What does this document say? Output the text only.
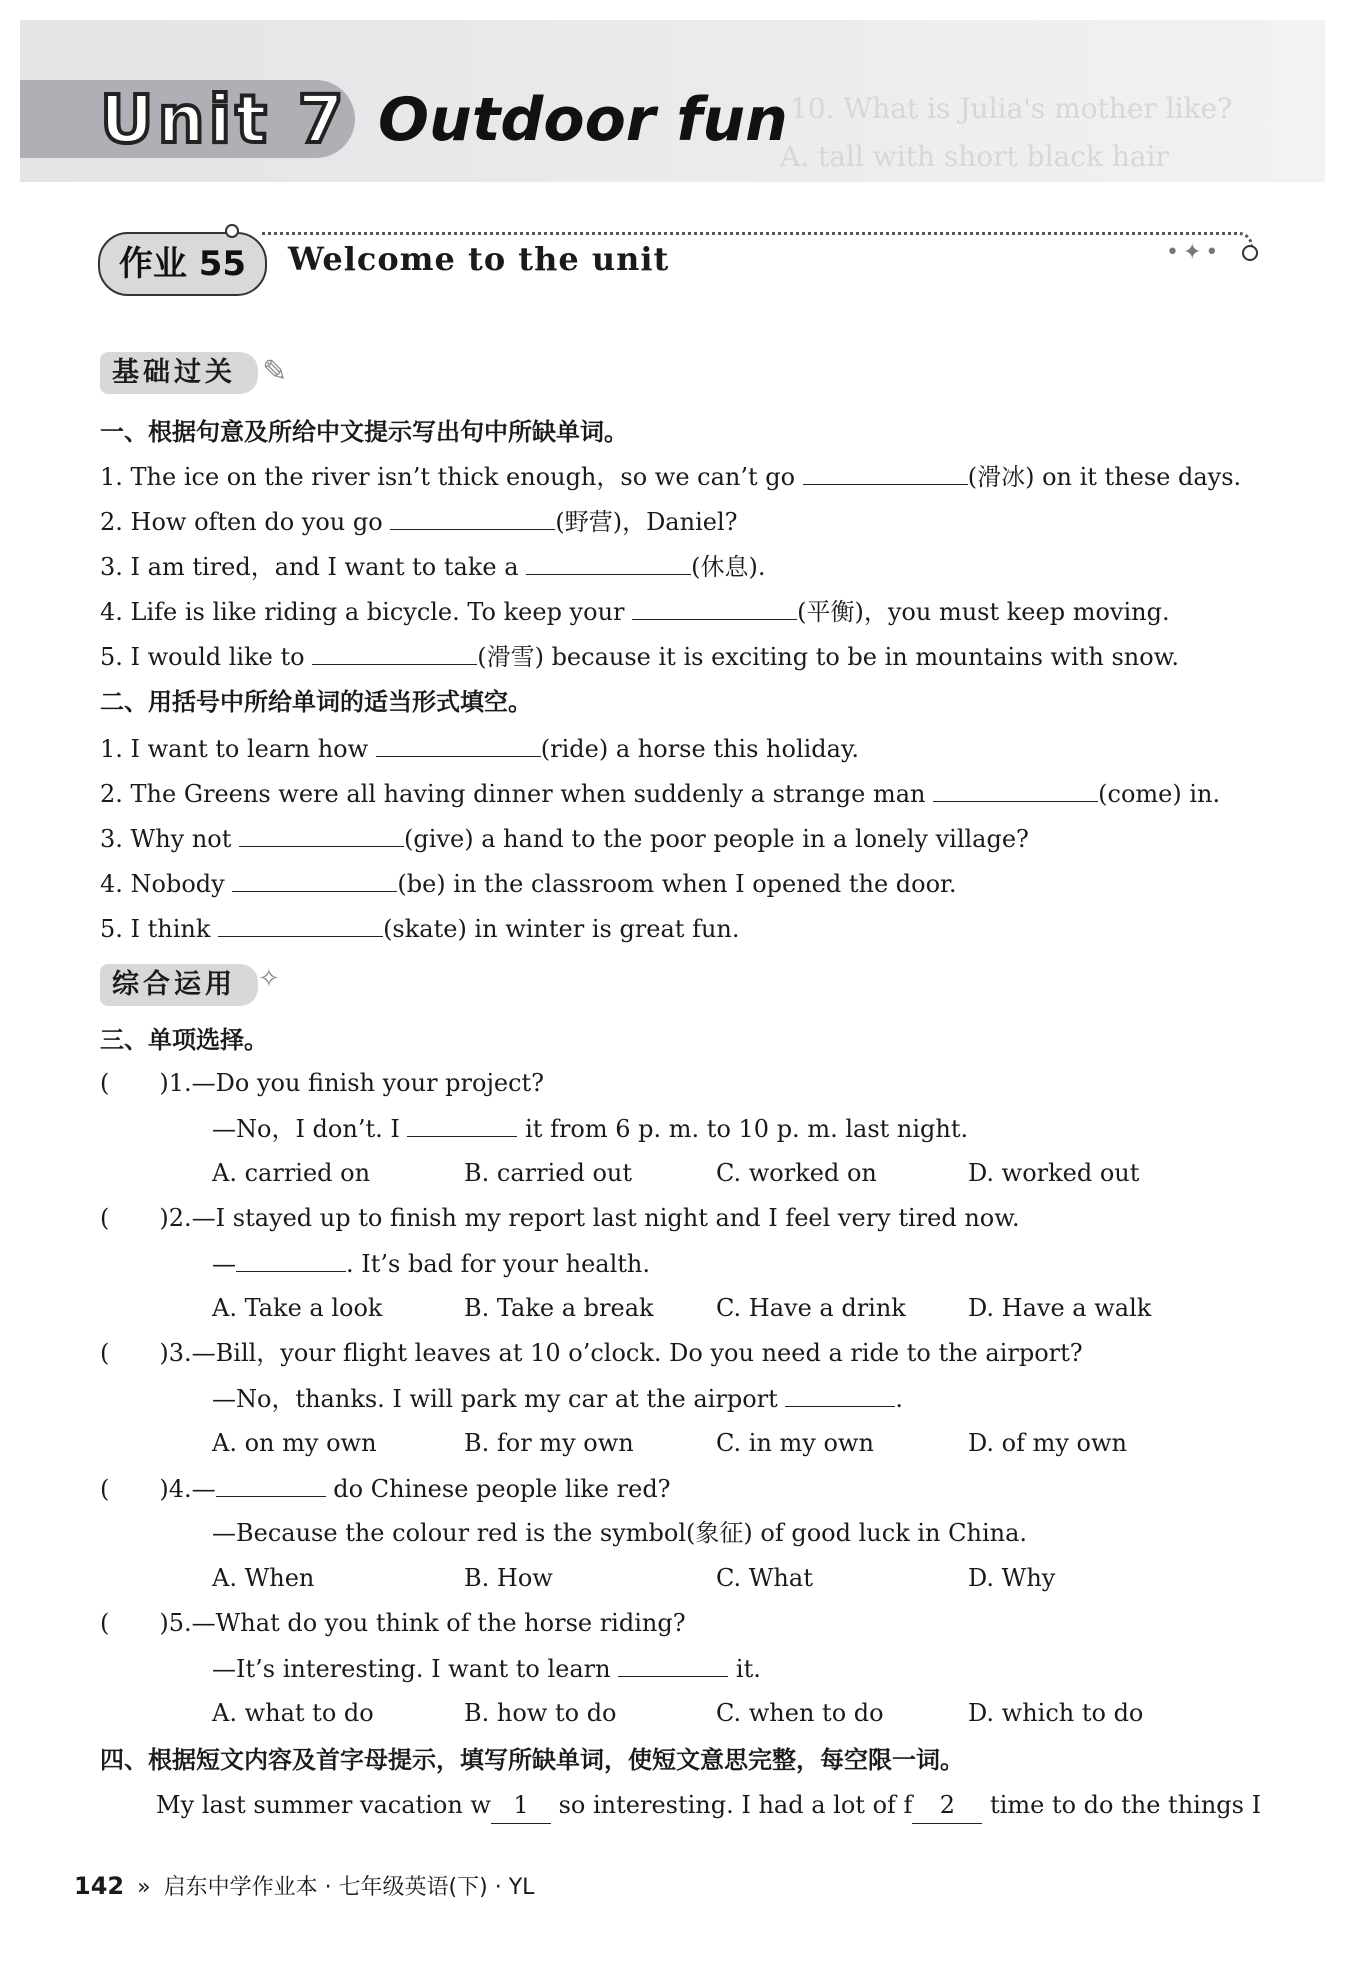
10. What is Julia's mother like?
A. tall with short black hair
Unit 7 Outdoor fun
•✦•
作业 55	Welcome to the unit
基础过关 ✎
一、根据句意及所给中文提示写出句中所缺单词。
1. The ice on the river isn’t thick enough，so we can’t go	(滑冰) on it these days.
2. How often do you go	(野营)，Daniel?
3. I am tired，and I want to take a	(休息).
4. Life is like riding a bicycle. To keep your	(平衡)，you must keep moving.
5. I would like to	(滑雪) because it is exciting to be in mountains with snow.
二、用括号中所给单词的适当形式填空。
1. I want to learn how	(ride) a horse this holiday.
2. The Greens were all having dinner when suddenly a strange man	(come) in.
3. Why not	(give) a hand to the poor people in a lonely village?
4. Nobody	(be) in the classroom when I opened the door.
5. I think	(skate) in winter is great fun.
综合运用 ✧
三、单项选择。
( )1.—Do you finish your project?
—No，I don’t. I	it from 6 p. m. to 10 p. m. last night.
A. carried on	B. carried out	C. worked on	D. worked out
( )2.—I stayed up to finish my report last night and I feel very tired now.
—	. It’s bad for your health.
A. Take a look	B. Take a break	C. Have a drink	D. Have a walk
( )3.—Bill，your flight leaves at 10 o’clock. Do you need a ride to the airport?
—No，thanks. I will park my car at the airport	.
A. on my own	B. for my own	C. in my own	D. of my own
( )4.—	do Chinese people like red?
—Because the colour red is the symbol(象征) of good luck in China.
A. When	B. How	C. What	D. Why
( )5.—What do you think of the horse riding?
—It’s interesting. I want to learn	it.
A. what to do	B. how to do	C. when to do	D. which to do
四、根据短文内容及首字母提示，填写所缺单词，使短文意思完整，每空限一词。
My last summer vacation w 1 so interesting. I had a lot of f 2 time to do the things I
142 » 启东中学作业本 · 七年级英语(下) · YL
